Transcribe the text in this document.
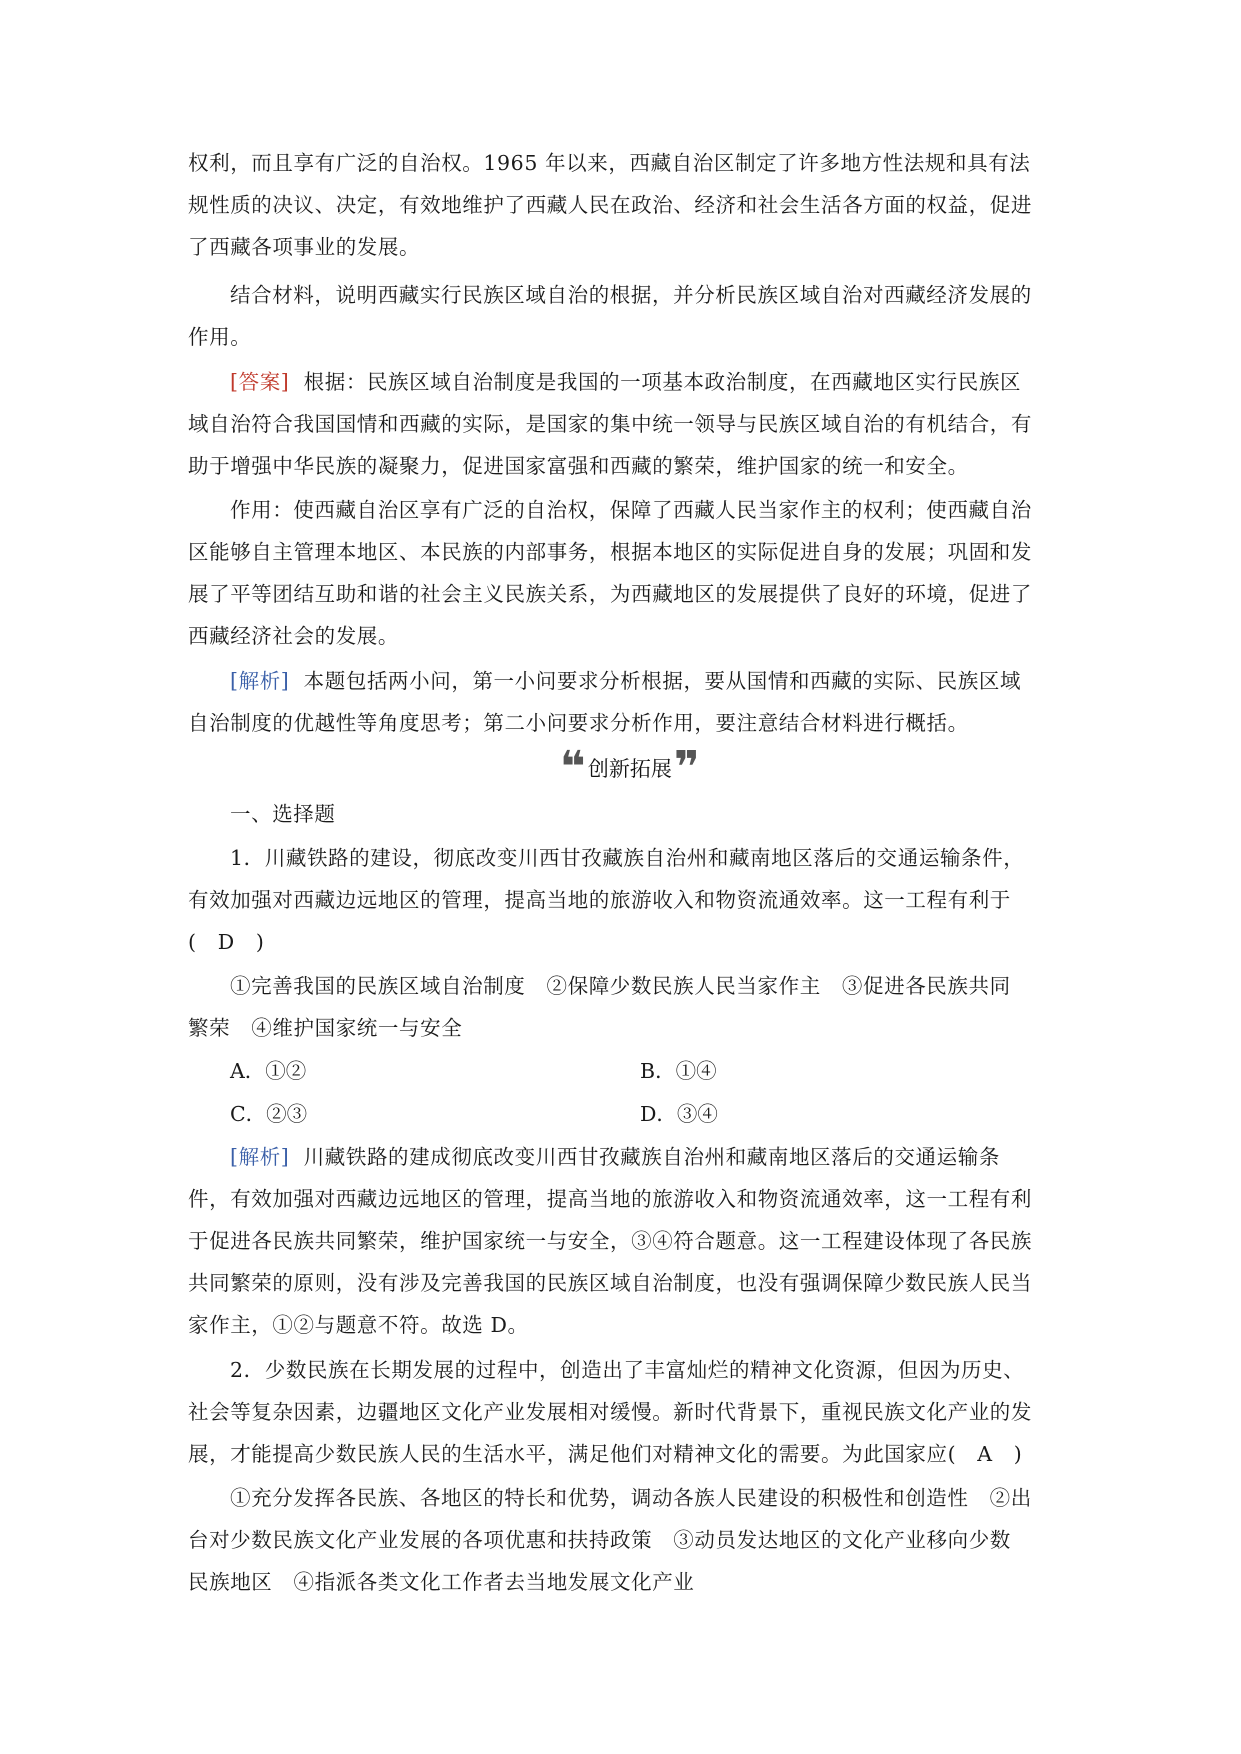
权利，而且享有广泛的自治权。1965 年以来，西藏自治区制定了许多地方性法规和具有法
规性质的决议、决定，有效地维护了西藏人民在政治、经济和社会生活各方面的权益，促进
了西藏各项事业的发展。
结合材料，说明西藏实行民族区域自治的根据，并分析民族区域自治对西藏经济发展的
作用。
[答案] 根据：民族区域自治制度是我国的一项基本政治制度，在西藏地区实行民族区
域自治符合我国国情和西藏的实际，是国家的集中统一领导与民族区域自治的有机结合，有
助于增强中华民族的凝聚力，促进国家富强和西藏的繁荣，维护国家的统一和安全。
作用：使西藏自治区享有广泛的自治权，保障了西藏人民当家作主的权利；使西藏自治
区能够自主管理本地区、本民族的内部事务，根据本地区的实际促进自身的发展；巩固和发
展了平等团结互助和谐的社会主义民族关系，为西藏地区的发展提供了良好的环境，促进了
西藏经济社会的发展。
[解析] 本题包括两小问，第一小问要求分析根据，要从国情和西藏的实际、民族区域
自治制度的优越性等角度思考；第二小问要求分析作用，要注意结合材料进行概括。
❝ 创新拓展 ❞
一、选择题
1．川藏铁路的建设，彻底改变川西甘孜藏族自治州和藏南地区落后的交通运输条件，
有效加强对西藏边远地区的管理，提高当地的旅游收入和物资流通效率。这一工程有利于
(　D　)
①完善我国的民族区域自治制度　②保障少数民族人民当家作主　③促进各民族共同
繁荣　④维护国家统一与安全
A．①②	B．①④
C．②③	D．③④
[解析] 川藏铁路的建成彻底改变川西甘孜藏族自治州和藏南地区落后的交通运输条
件，有效加强对西藏边远地区的管理，提高当地的旅游收入和物资流通效率，这一工程有利
于促进各民族共同繁荣，维护国家统一与安全，③④符合题意。这一工程建设体现了各民族
共同繁荣的原则，没有涉及完善我国的民族区域自治制度，也没有强调保障少数民族人民当
家作主，①②与题意不符。故选 D。
2．少数民族在长期发展的过程中，创造出了丰富灿烂的精神文化资源，但因为历史、
社会等复杂因素，边疆地区文化产业发展相对缓慢。新时代背景下，重视民族文化产业的发
展，才能提高少数民族人民的生活水平，满足他们对精神文化的需要。为此国家应(　A　)
①充分发挥各民族、各地区的特长和优势，调动各族人民建设的积极性和创造性　②出
台对少数民族文化产业发展的各项优惠和扶持政策　③动员发达地区的文化产业移向少数
民族地区　④指派各类文化工作者去当地发展文化产业
